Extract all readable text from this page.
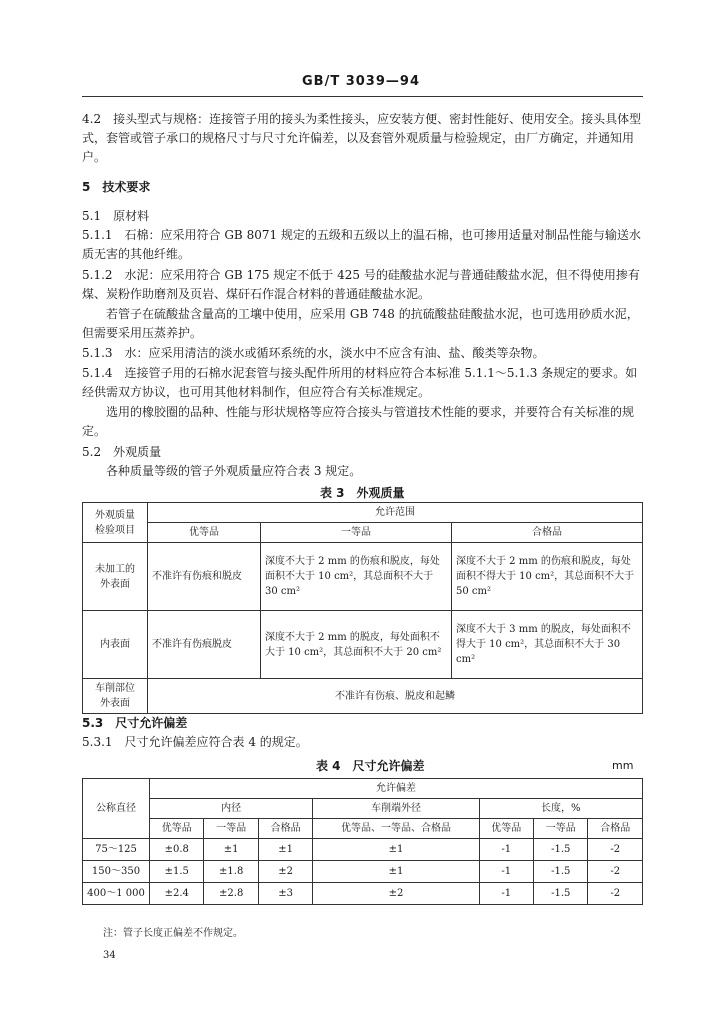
GB/T 3039—94
4.2　接头型式与规格：连接管子用的接头为柔性接头，应安装方便、密封性能好、使用安全。接头具体型式，套管或管子承口的规格尺寸与尺寸允许偏差，以及套管外观质量与检验规定，由厂方确定，并通知用户。
5　技术要求
5.1　原材料
5.1.1　石棉：应采用符合 GB 8071 规定的五级和五级以上的温石棉，也可掺用适量对制品性能与输送水质无害的其他纤维。
5.1.2　水泥：应采用符合 GB 175 规定不低于 425 号的硅酸盐水泥与普通硅酸盐水泥，但不得使用掺有煤、炭粉作助磨剂及页岩、煤矸石作混合材料的普通硅酸盐水泥。
若管子在硫酸盐含量高的工壤中使用，应采用 GB 748 的抗硫酸盐硅酸盐水泥，也可选用砂质水泥，但需要采用压蒸养护。
5.1.3　水：应采用清洁的淡水或循环系统的水，淡水中不应含有油、盐、酸类等杂物。
5.1.4　连接管子用的石棉水泥套管与接头配件所用的材料应符合本标准 5.1.1～5.1.3 条规定的要求。如经供需双方协议，也可用其他材料制作，但应符合有关标准规定。
选用的橡胶圈的品种、性能与形状规格等应符合接头与管道技术性能的要求，并要符合有关标准的规定。
5.2　外观质量
各种质量等级的管子外观质量应符合表 3 规定。
表 3　外观质量
外观质量
检验项目	允许范围		
	优等品	一等品	合格品
未加工的
外表面	不准许有伤痕和脱皮	深度不大于 2 mm 的伤痕和脱皮，每处面积不大于 10 cm²，其总面积不大于 30 cm²	深度不大于 2 mm 的伤痕和脱皮，每处面积不得大于 10 cm²，其总面积不大于 50 cm²
内表面	不准许有伤痕脱皮	深度不大于 2 mm 的脱皮，每处面积不大于 10 cm²，其总面积不大于 20 cm²	深度不大于 3 mm 的脱皮，每处面积不得大于 10 cm²，其总面积不大于 30 cm²
车削部位
外表面	不准许有伤痕、脱皮和起鳞		
5.3　尺寸允许偏差
5.3.1　尺寸允许偏差应符合表 4 的规定。
表 4　尺寸允许偏差	mm
公称直径	允许偏差						
	内径			车削端外径	长度，%		
	优等品	一等品	合格品	优等品、一等品、合格品	优等品	一等品	合格品
75～125	±0.8	±1	±1	±1	-1	-1.5	-2
150～350	±1.5	±1.8	±2	±1	-1	-1.5	-2
400～1 000	±2.4	±2.8	±3	±2	-1	-1.5	-2
注：管子长度正偏差不作规定。
34
